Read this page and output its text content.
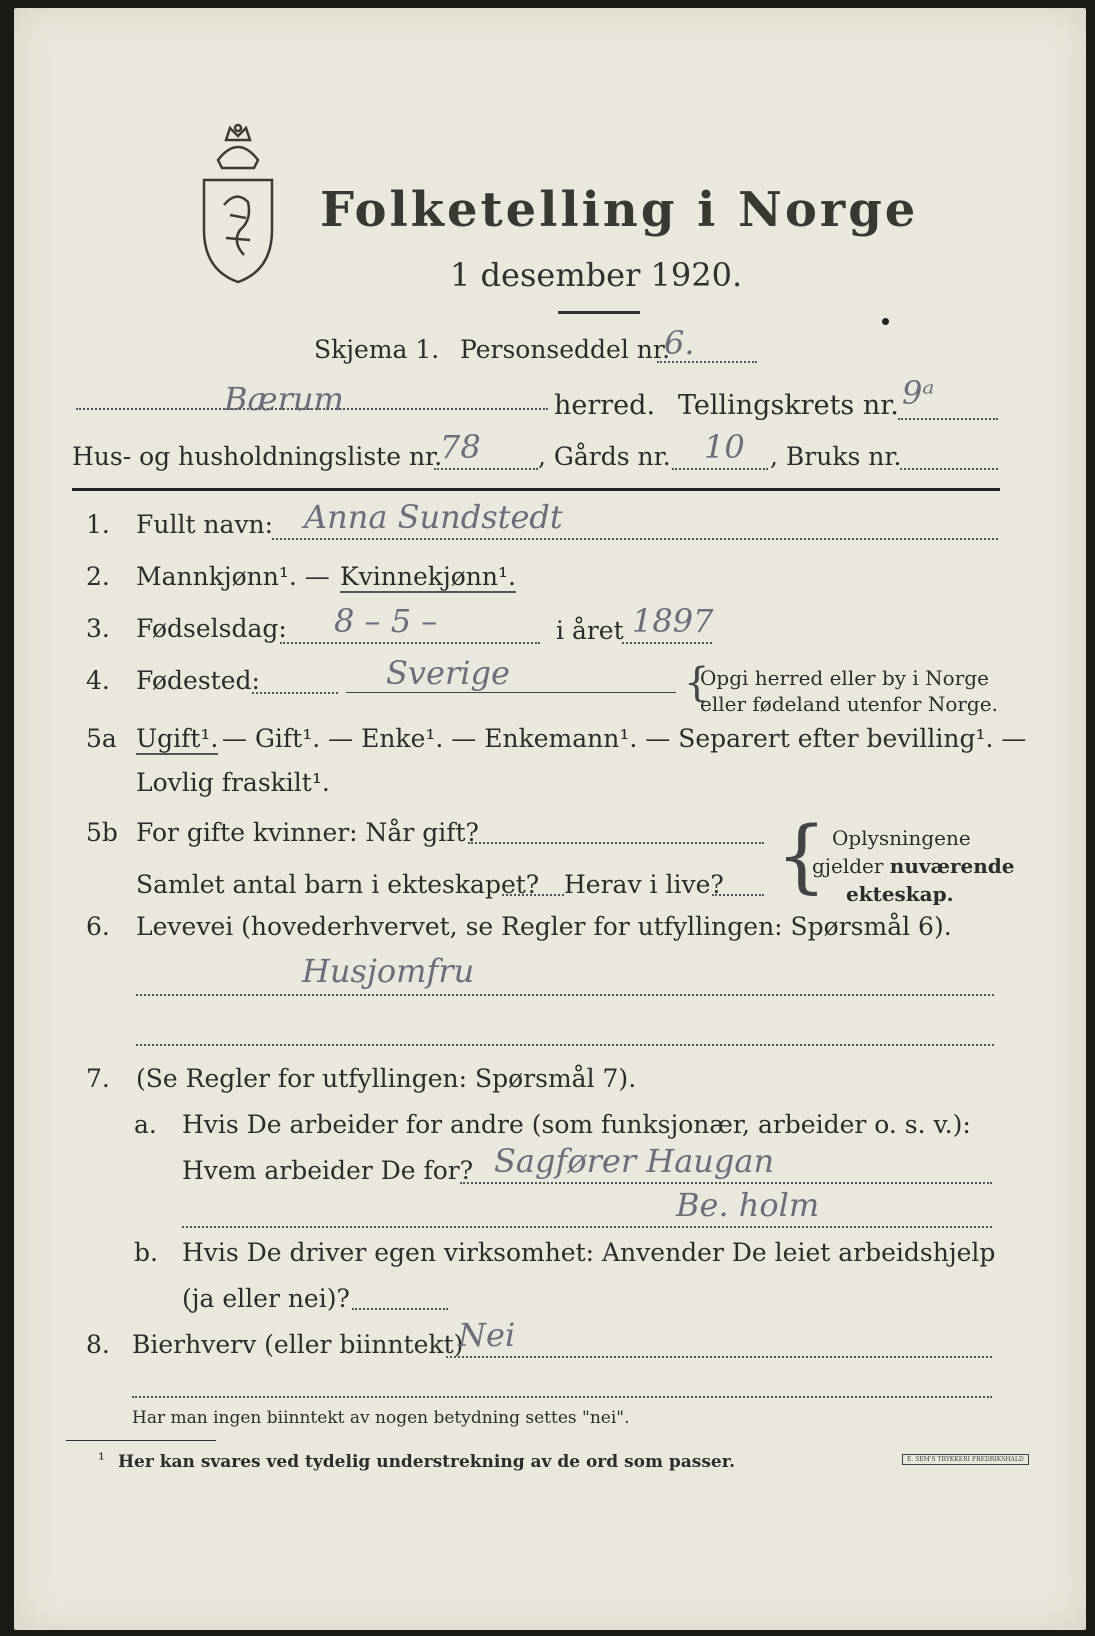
Folketelling i Norge
1 desember 1920.
Skjema 1. Personseddel nr.
6.
Bærum	herred. Tellingskrets nr. 9ᵃ
Hus- og husholdningsliste nr.
78 , Gårds nr. 10 , Bruks nr.
1. Fullt navn: Anna Sundstedt
2. Mannkjønn¹. — Kvinnekjønn¹.
3. Fødselsdag: 8 – 5 –	i året 1897
4. Fødested:	Sverige	{
Opgi herred eller by i Norge
eller fødeland utenfor Norge.
5a Ugift¹. — Gift¹. — Enke¹. — Enkemann¹. — Separert efter bevilling¹. —
Lovlig fraskilt¹.
5b For gifte kvinner: Når gift?
Samlet antal barn i ekteskapet? Herav i live? { Oplysningene
gjelder nuværende
ekteskap.
6. Levevei (hovederhvervet, se Regler for utfyllingen: Spørsmål 6).
Husjomfru
7. (Se Regler for utfyllingen: Spørsmål 7).
a. Hvis De arbeider for andre (som funksjonær, arbeider o. s. v.):
Hvem arbeider De for? Sagfører Haugan
Be. holm
b. Hvis De driver egen virksomhet: Anvender De leiet arbeidshjelp
(ja eller nei)?
8. Bierhverv (eller biinntekt)
Nei
Har man ingen biinntekt av nogen betydning settes "nei".
¹ Her kan svares ved tydelig understrekning av de ord som passer.	E. SEM'S TRYKKERI FREDRIKSHALD
